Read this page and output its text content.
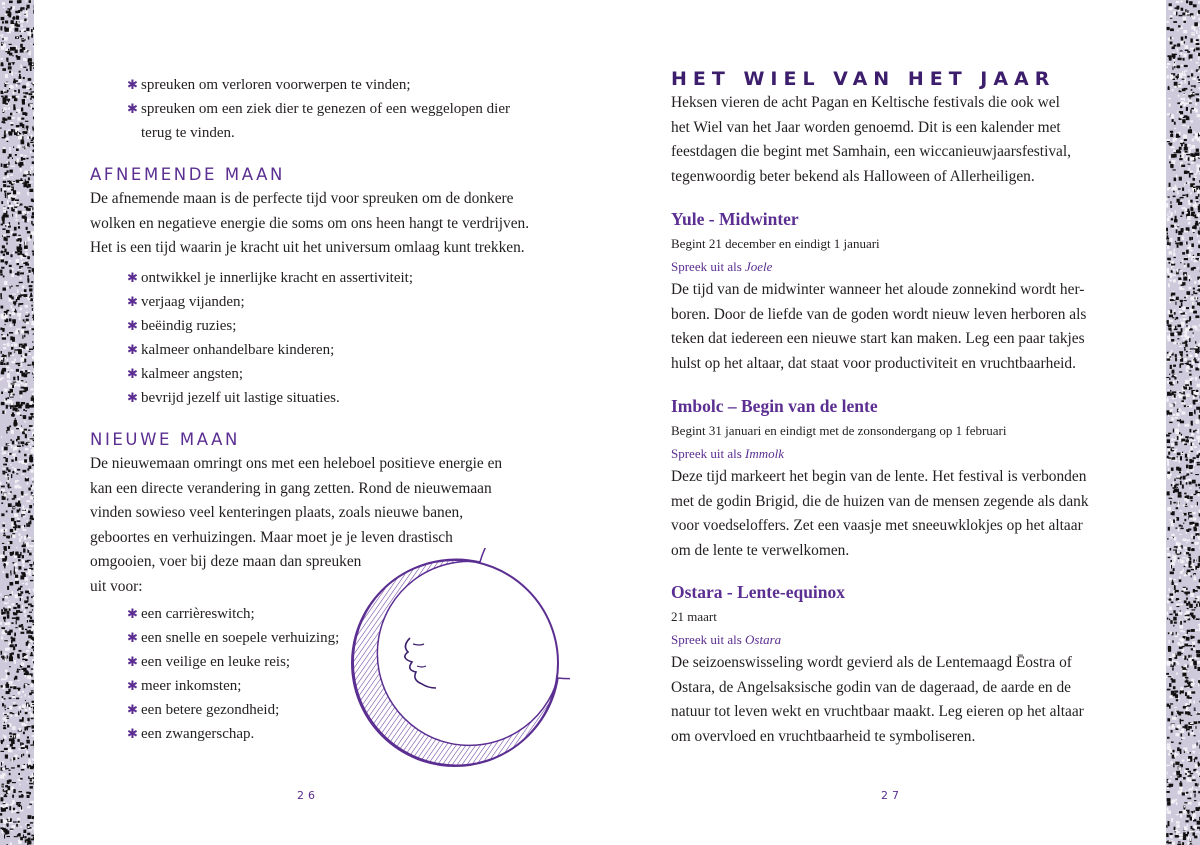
✱ spreuken om verloren voorwerpen te vinden;
✱ spreuken om een ziek dier te genezen of een weggelopen dier
terug te vinden.
AFNEMENDE MAAN
De afnemende maan is de perfecte tijd voor spreuken om de donkere
wolken en negatieve energie die soms om ons heen hangt te verdrijven.
Het is een tijd waarin je kracht uit het universum omlaag kunt trekken.
✱ ontwikkel je innerlijke kracht en assertiviteit;
✱ verjaag vijanden;
✱ beëindig ruzies;
✱ kalmeer onhandelbare kinderen;
✱ kalmeer angsten;
✱ bevrijd jezelf uit lastige situaties.
NIEUWE MAAN
De nieuwemaan omringt ons met een heleboel positieve energie en
kan een directe verandering in gang zetten. Rond de nieuwemaan
vinden sowieso veel kenteringen plaats, zoals nieuwe banen,
geboortes en verhuizingen. Maar moet je je leven drastisch
omgooien, voer bij deze maan dan spreuken
uit voor:
✱ een carrièreswitch;
✱ een snelle en soepele verhuizing;
✱ een veilige en leuke reis;
✱ meer inkomsten;
✱ een betere gezondheid;
✱ een zwangerschap.
26
HET WIEL VAN HET JAAR
Heksen vieren de acht Pagan en Keltische festivals die ook wel
het Wiel van het Jaar worden genoemd. Dit is een kalender met
feestdagen die begint met Samhain, een wiccanieuwjaarsfestival,
tegenwoordig beter bekend als Halloween of Allerheiligen.
Yule - Midwinter
Begint 21 december en eindigt 1 januari
Spreek uit als Joele
De tijd van de midwinter wanneer het aloude zonnekind wordt her-
boren. Door de liefde van de goden wordt nieuw leven herboren als
teken dat iedereen een nieuwe start kan maken. Leg een paar takjes
hulst op het altaar, dat staat voor productiviteit en vruchtbaarheid.
Imbolc – Begin van de lente
Begint 31 januari en eindigt met de zonsondergang op 1 februari
Spreek uit als Immolk
Deze tijd markeert het begin van de lente. Het festival is verbonden
met de godin Brigid, die de huizen van de mensen zegende als dank
voor voedseloffers. Zet een vaasje met sneeuwklokjes op het altaar
om de lente te verwelkomen.
Ostara - Lente-equinox
21 maart
Spreek uit als Ostara
De seizoenswisseling wordt gevierd als de Lentemaagd Ēostra of
Ostara, de Angelsaksische godin van de dageraad, de aarde en de
natuur tot leven wekt en vruchtbaar maakt. Leg eieren op het altaar
om overvloed en vruchtbaarheid te symboliseren.
27
